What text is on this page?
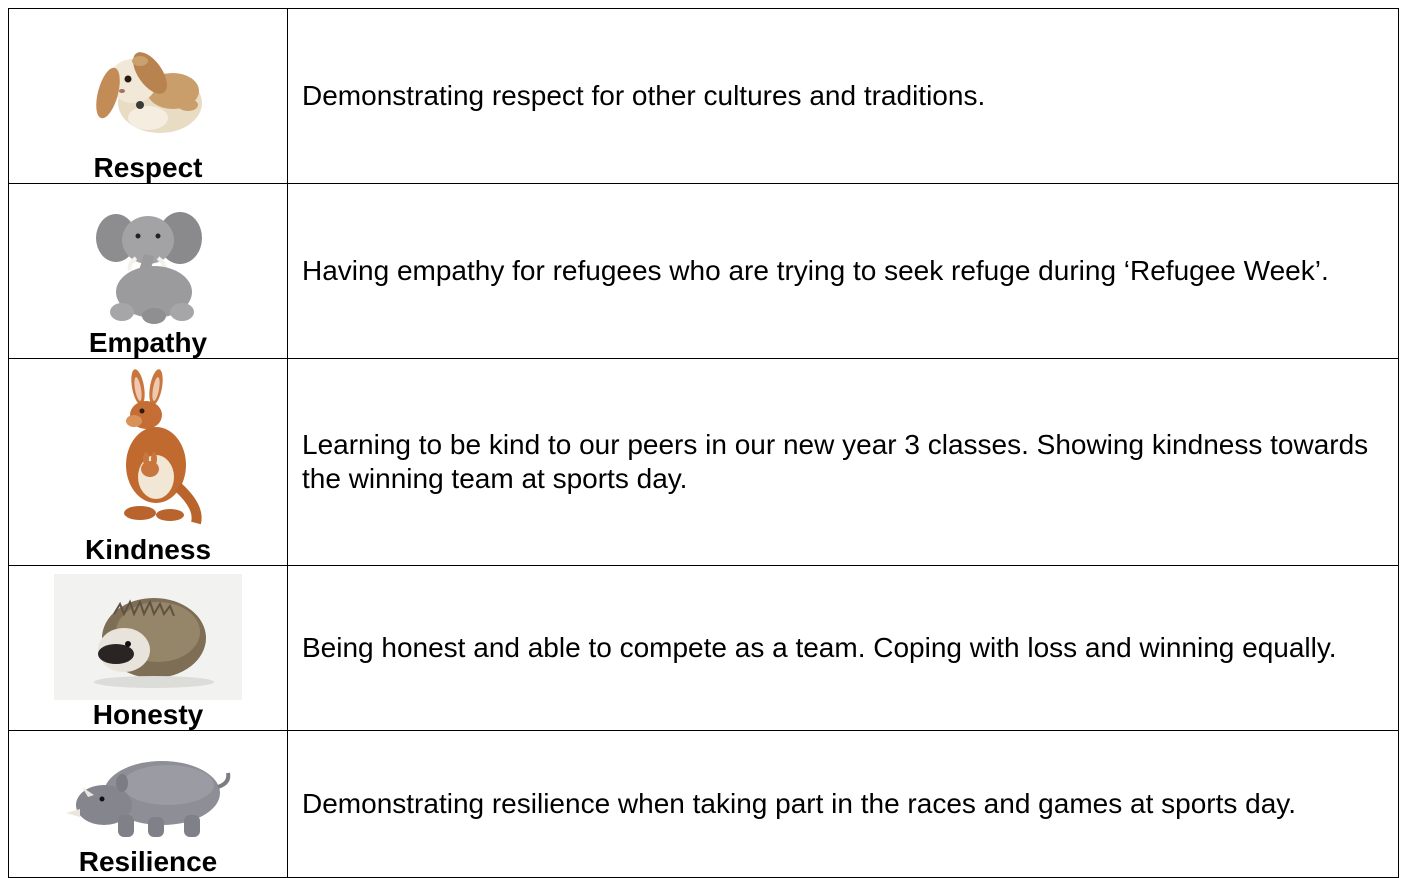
Respect	Demonstrating respect for other cultures and traditions.

Empathy	Having empathy for refugees who are trying to seek refuge during ‘Refugee Week’.

Kindness	Learning to be kind to our peers in our new year 3 classes. Showing kindness towards the winning team at sports day.

Honesty	Being honest and able to compete as a team. Coping with loss and winning equally.

Resilience	Demonstrating resilience when taking part in the races and games at sports day.
